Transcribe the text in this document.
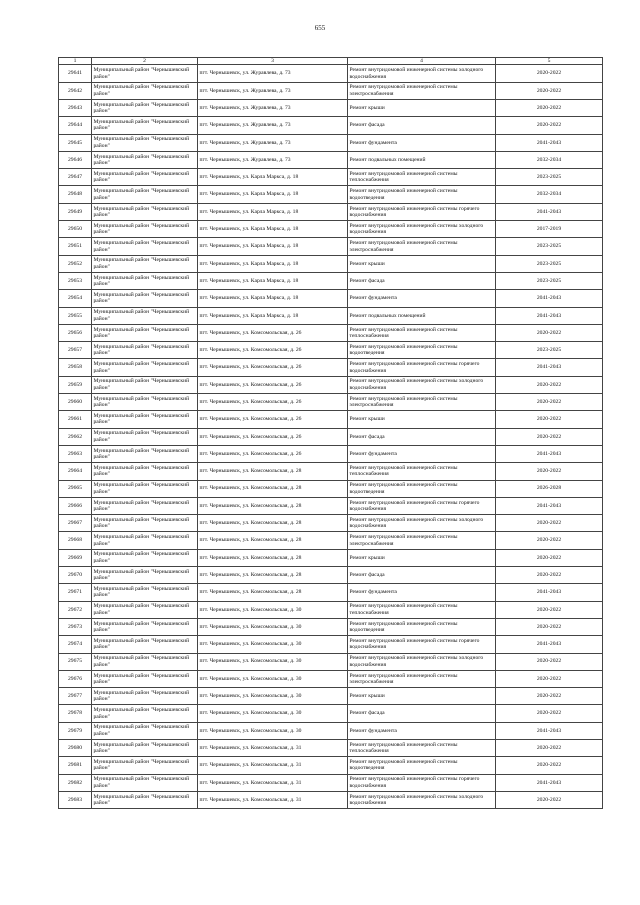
655
1	2	3	4	5
29641	Муниципальный район "Чернышевский район"	пгт. Чернышевск, ул. Журавлева, д. 73	Ремонт внутридомовой инженерной системы холодного водоснабжения	2020-2022
29642	Муниципальный район "Чернышевский район"	пгт. Чернышевск, ул. Журавлева, д. 73	Ремонт внутридомовой инженерной системы электроснабжения	2020-2022
29643	Муниципальный район "Чернышевский район"	пгт. Чернышевск, ул. Журавлева, д. 73	Ремонт крыши	2020-2022
29644	Муниципальный район "Чернышевский район"	пгт. Чернышевск, ул. Журавлева, д. 73	Ремонт фасада	2020-2022
29645	Муниципальный район "Чернышевский район"	пгт. Чернышевск, ул. Журавлева, д. 73	Ремонт фундамента	2041-2043
29646	Муниципальный район "Чернышевский район"	пгт. Чернышевск, ул. Журавлева, д. 73	Ремонт подвальных помещений	2032-2034
29647	Муниципальный район "Чернышевский район"	пгт. Чернышевск, ул. Карла Маркса, д. 18	Ремонт внутридомовой инженерной системы теплоснабжения	2023-2025
29648	Муниципальный район "Чернышевский район"	пгт. Чернышевск, ул. Карла Маркса, д. 18	Ремонт внутридомовой инженерной системы водоотведения	2032-2034
29649	Муниципальный район "Чернышевский район"	пгт. Чернышевск, ул. Карла Маркса, д. 18	Ремонт внутридомовой инженерной системы горячего водоснабжения	2041-2043
29650	Муниципальный район "Чернышевский район"	пгт. Чернышевск, ул. Карла Маркса, д. 18	Ремонт внутридомовой инженерной системы холодного водоснабжения	2017-2019
29651	Муниципальный район "Чернышевский район"	пгт. Чернышевск, ул. Карла Маркса, д. 18	Ремонт внутридомовой инженерной системы электроснабжения	2023-2025
29652	Муниципальный район "Чернышевский район"	пгт. Чернышевск, ул. Карла Маркса, д. 18	Ремонт крыши	2023-2025
29653	Муниципальный район "Чернышевский район"	пгт. Чернышевск, ул. Карла Маркса, д. 18	Ремонт фасада	2023-2025
29654	Муниципальный район "Чернышевский район"	пгт. Чернышевск, ул. Карла Маркса, д. 18	Ремонт фундамента	2041-2043
29655	Муниципальный район "Чернышевский район"	пгт. Чернышевск, ул. Карла Маркса, д. 18	Ремонт подвальных помещений	2041-2043
29656	Муниципальный район "Чернышевский район"	пгт. Чернышевск, ул. Комсомольская, д. 26	Ремонт внутридомовой инженерной системы теплоснабжения	2020-2022
29657	Муниципальный район "Чернышевский район"	пгт. Чернышевск, ул. Комсомольская, д. 26	Ремонт внутридомовой инженерной системы водоотведения	2023-2025
29658	Муниципальный район "Чернышевский район"	пгт. Чернышевск, ул. Комсомольская, д. 26	Ремонт внутридомовой инженерной системы горячего водоснабжения	2041-2043
29659	Муниципальный район "Чернышевский район"	пгт. Чернышевск, ул. Комсомольская, д. 26	Ремонт внутридомовой инженерной системы холодного водоснабжения	2020-2022
29660	Муниципальный район "Чернышевский район"	пгт. Чернышевск, ул. Комсомольская, д. 26	Ремонт внутридомовой инженерной системы электроснабжения	2020-2022
29661	Муниципальный район "Чернышевский район"	пгт. Чернышевск, ул. Комсомольская, д. 26	Ремонт крыши	2020-2022
29662	Муниципальный район "Чернышевский район"	пгт. Чернышевск, ул. Комсомольская, д. 26	Ремонт фасада	2020-2022
29663	Муниципальный район "Чернышевский район"	пгт. Чернышевск, ул. Комсомольская, д. 26	Ремонт фундамента	2041-2043
29664	Муниципальный район "Чернышевский район"	пгт. Чернышевск, ул. Комсомольская, д. 28	Ремонт внутридомовой инженерной системы теплоснабжения	2020-2022
29665	Муниципальный район "Чернышевский район"	пгт. Чернышевск, ул. Комсомольская, д. 28	Ремонт внутридомовой инженерной системы водоотведения	2026-2028
29666	Муниципальный район "Чернышевский район"	пгт. Чернышевск, ул. Комсомольская, д. 28	Ремонт внутридомовой инженерной системы горячего водоснабжения	2041-2043
29667	Муниципальный район "Чернышевский район"	пгт. Чернышевск, ул. Комсомольская, д. 28	Ремонт внутридомовой инженерной системы холодного водоснабжения	2020-2022
29668	Муниципальный район "Чернышевский район"	пгт. Чернышевск, ул. Комсомольская, д. 28	Ремонт внутридомовой инженерной системы электроснабжения	2020-2022
29669	Муниципальный район "Чернышевский район"	пгт. Чернышевск, ул. Комсомольская, д. 28	Ремонт крыши	2020-2022
29670	Муниципальный район "Чернышевский район"	пгт. Чернышевск, ул. Комсомольская, д. 28	Ремонт фасада	2020-2022
29671	Муниципальный район "Чернышевский район"	пгт. Чернышевск, ул. Комсомольская, д. 28	Ремонт фундамента	2041-2043
29672	Муниципальный район "Чернышевский район"	пгт. Чернышевск, ул. Комсомольская, д. 30	Ремонт внутридомовой инженерной системы теплоснабжения	2020-2022
29673	Муниципальный район "Чернышевский район"	пгт. Чернышевск, ул. Комсомольская, д. 30	Ремонт внутридомовой инженерной системы водоотведения	2020-2022
29674	Муниципальный район "Чернышевский район"	пгт. Чернышевск, ул. Комсомольская, д. 30	Ремонт внутридомовой инженерной системы горячего водоснабжения	2041-2043
29675	Муниципальный район "Чернышевский район"	пгт. Чернышевск, ул. Комсомольская, д. 30	Ремонт внутридомовой инженерной системы холодного водоснабжения	2020-2022
29676	Муниципальный район "Чернышевский район"	пгт. Чернышевск, ул. Комсомольская, д. 30	Ремонт внутридомовой инженерной системы электроснабжения	2020-2022
29677	Муниципальный район "Чернышевский район"	пгт. Чернышевск, ул. Комсомольская, д. 30	Ремонт крыши	2020-2022
29678	Муниципальный район "Чернышевский район"	пгт. Чернышевск, ул. Комсомольская, д. 30	Ремонт фасада	2020-2022
29679	Муниципальный район "Чернышевский район"	пгт. Чернышевск, ул. Комсомольская, д. 30	Ремонт фундамента	2041-2043
29680	Муниципальный район "Чернышевский район"	пгт. Чернышевск, ул. Комсомольская, д. 31	Ремонт внутридомовой инженерной системы теплоснабжения	2020-2022
29681	Муниципальный район "Чернышевский район"	пгт. Чернышевск, ул. Комсомольская, д. 31	Ремонт внутридомовой инженерной системы водоотведения	2020-2022
29682	Муниципальный район "Чернышевский район"	пгт. Чернышевск, ул. Комсомольская, д. 31	Ремонт внутридомовой инженерной системы горячего водоснабжения	2041-2043
29683	Муниципальный район "Чернышевский район"	пгт. Чернышевск, ул. Комсомольская, д. 31	Ремонт внутридомовой инженерной системы холодного водоснабжения	2020-2022
